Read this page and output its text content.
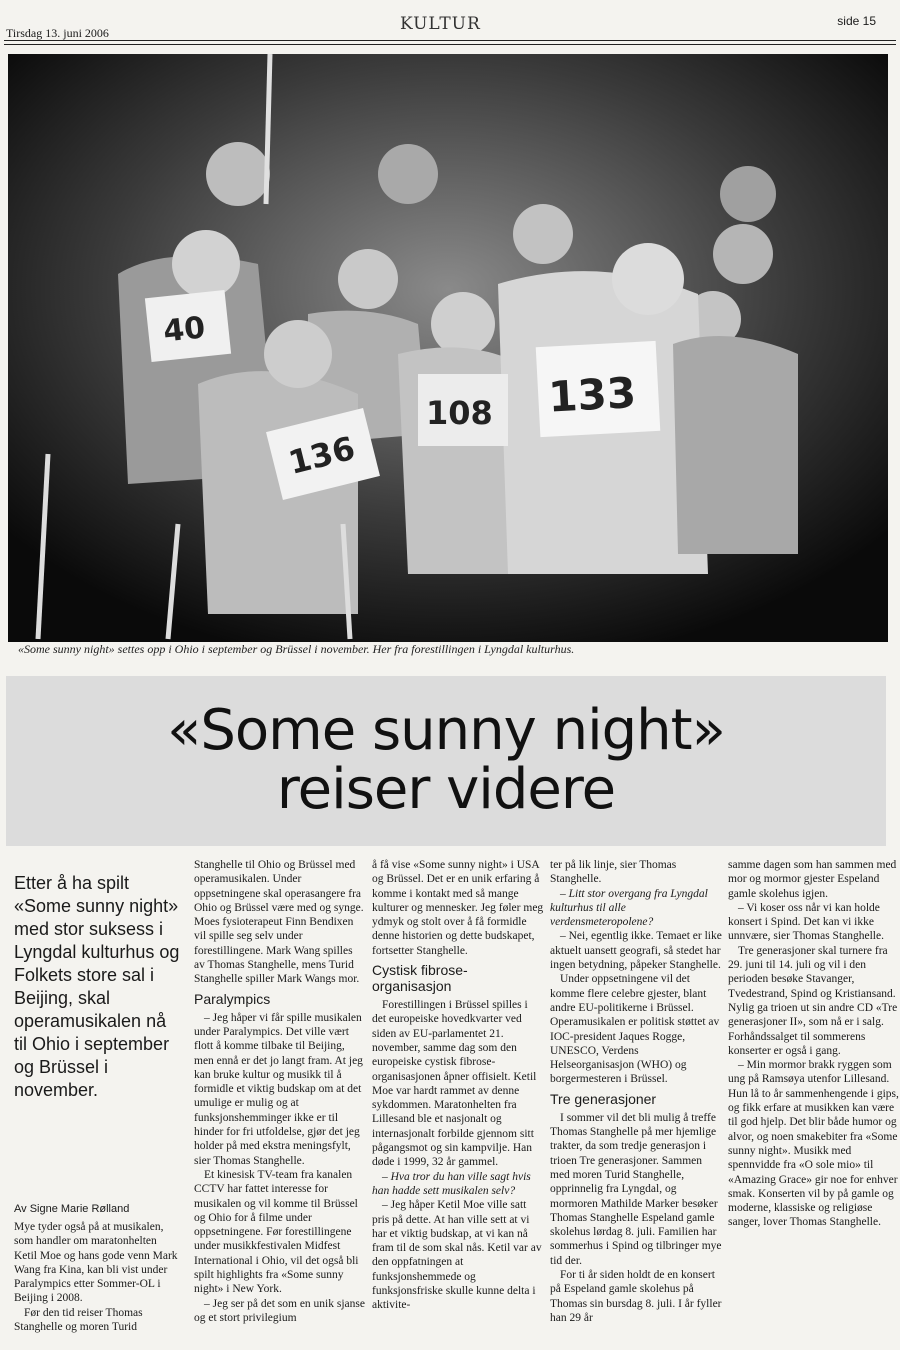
Tirsdag 13. juni 2006	KULTUR	side 15
40
136
108 133
«Some sunny night» settes opp i Ohio i september og Brüssel i november. Her fra forestillingen i Lyngdal kulturhus.
«Some sunny night»
reiser videre
Etter å ha spilt «Some sunny night» med stor suksess i Lyngdal kulturhus og Folkets store sal i Beijing, skal operamusikalen nå til Ohio i september og Brüssel i november.
Av Signe Marie Rølland

Mye tyder også på at musikalen, som handler om maratonhelten Ketil Moe og hans gode venn Mark Wang fra Kina, kan bli vist under Paralympics etter Sommer-OL i Beijing i 2008.

Før den tid reiser Thomas Stanghelle og moren Turid

Stanghelle til Ohio og Brüssel med operamusikalen. Under oppsetningene skal operasangere fra Ohio og Brüssel være med og synge. Moes fysioterapeut Finn Bendixen vil spille seg selv under forestillingene. Mark Wang spilles av Thomas Stanghelle, mens Turid Stanghelle spiller Mark Wangs mor.

Paralympics

– Jeg håper vi får spille musikalen under Paralympics. Det ville vært flott å komme tilbake til Beijing, men ennå er det jo langt fram. At jeg kan bruke kultur og musikk til å formidle et viktig budskap om at det umulige er mulig og at funksjonshemminger ikke er til hinder for fri utfoldelse, gjør det jeg holder på med ekstra meningsfylt, sier Thomas Stanghelle.

Et kinesisk TV-team fra kanalen CCTV har fattet interesse for musikalen og vil komme til Brüssel og Ohio for å filme under oppsetningene. Før forestillingene under musikkfestivalen Midfest International i Ohio, vil det også bli spilt highlights fra «Some sunny night» i New York.

– Jeg ser på det som en unik sjanse og et stort privilegium

å få vise «Some sunny night» i USA og Brüssel. Det er en unik erfaring å komme i kontakt med så mange kulturer og mennesker. Jeg føler meg ydmyk og stolt over å få formidle denne historien og dette budskapet, fortsetter Stanghelle.

Cystisk fibrose-organisasjon

Forestillingen i Brüssel spilles i det europeiske hovedkvarter ved siden av EU-parlamentet 21. november, samme dag som den europeiske cystisk fibrose-organisasjonen åpner offisielt. Ketil Moe var hardt rammet av denne sykdommen. Maratonhelten fra Lillesand ble et nasjonalt og internasjonalt forbilde gjennom sitt pågangsmot og sin kampvilje. Han døde i 1999, 32 år gammel.

– Hva tror du han ville sagt hvis han hadde sett musikalen selv?

– Jeg håper Ketil Moe ville satt pris på dette. At han ville sett at vi har et viktig budskap, at vi kan nå fram til de som skal nås. Ketil var av den oppfatningen at funksjonshemmede og funksjonsfriske skulle kunne delta i aktivite-

ter på lik linje, sier Thomas Stanghelle.

– Litt stor overgang fra Lyngdal kulturhus til alle verdensmeteropolene?

– Nei, egentlig ikke. Temaet er like aktuelt uansett geografi, så stedet har ingen betydning, påpeker Stanghelle.

Under oppsetningene vil det komme flere celebre gjester, blant andre EU-politikerne i Brüssel. Operamusikalen er politisk støttet av IOC-president Jaques Rogge, UNESCO, Verdens Helseorganisasjon (WHO) og borgermesteren i Brüssel.

Tre generasjoner

I sommer vil det bli mulig å treffe Thomas Stanghelle på mer hjemlige trakter, da som tredje generasjon i trioen Tre generasjoner. Sammen med moren Turid Stanghelle, opprinnelig fra Lyngdal, og mormoren Mathilde Marker besøker Thomas Stanghelle Espeland gamle skolehus lørdag 8. juli. Familien har sommerhus i Spind og tilbringer mye tid der.

For ti år siden holdt de en konsert på Espeland gamle skolehus på Thomas sin bursdag 8. juli. I år fyller han 29 år

samme dagen som han sammen med mor og mormor gjester Espeland gamle skolehus igjen.

– Vi koser oss når vi kan holde konsert i Spind. Det kan vi ikke unnvære, sier Thomas Stanghelle.

Tre generasjoner skal turnere fra 29. juni til 14. juli og vil i den perioden besøke Stavanger, Tvedestrand, Spind og Kristiansand. Nylig ga trioen ut sin andre CD «Tre generasjoner II», som nå er i salg. Forhåndssalget til sommerens konserter er også i gang.

– Min mormor brakk ryggen som ung på Ramsøya utenfor Lillesand. Hun lå to år sammenhengende i gips, og fikk erfare at musikken kan være til god hjelp. Det blir både humor og alvor, og noen smakebiter fra «Some sunny night». Musikk med spennvidde fra «O sole mio» til «Amazing Grace» gir noe for enhver smak. Konserten vil by på gamle og moderne, klassiske og religiøse sanger, lover Thomas Stanghelle.
